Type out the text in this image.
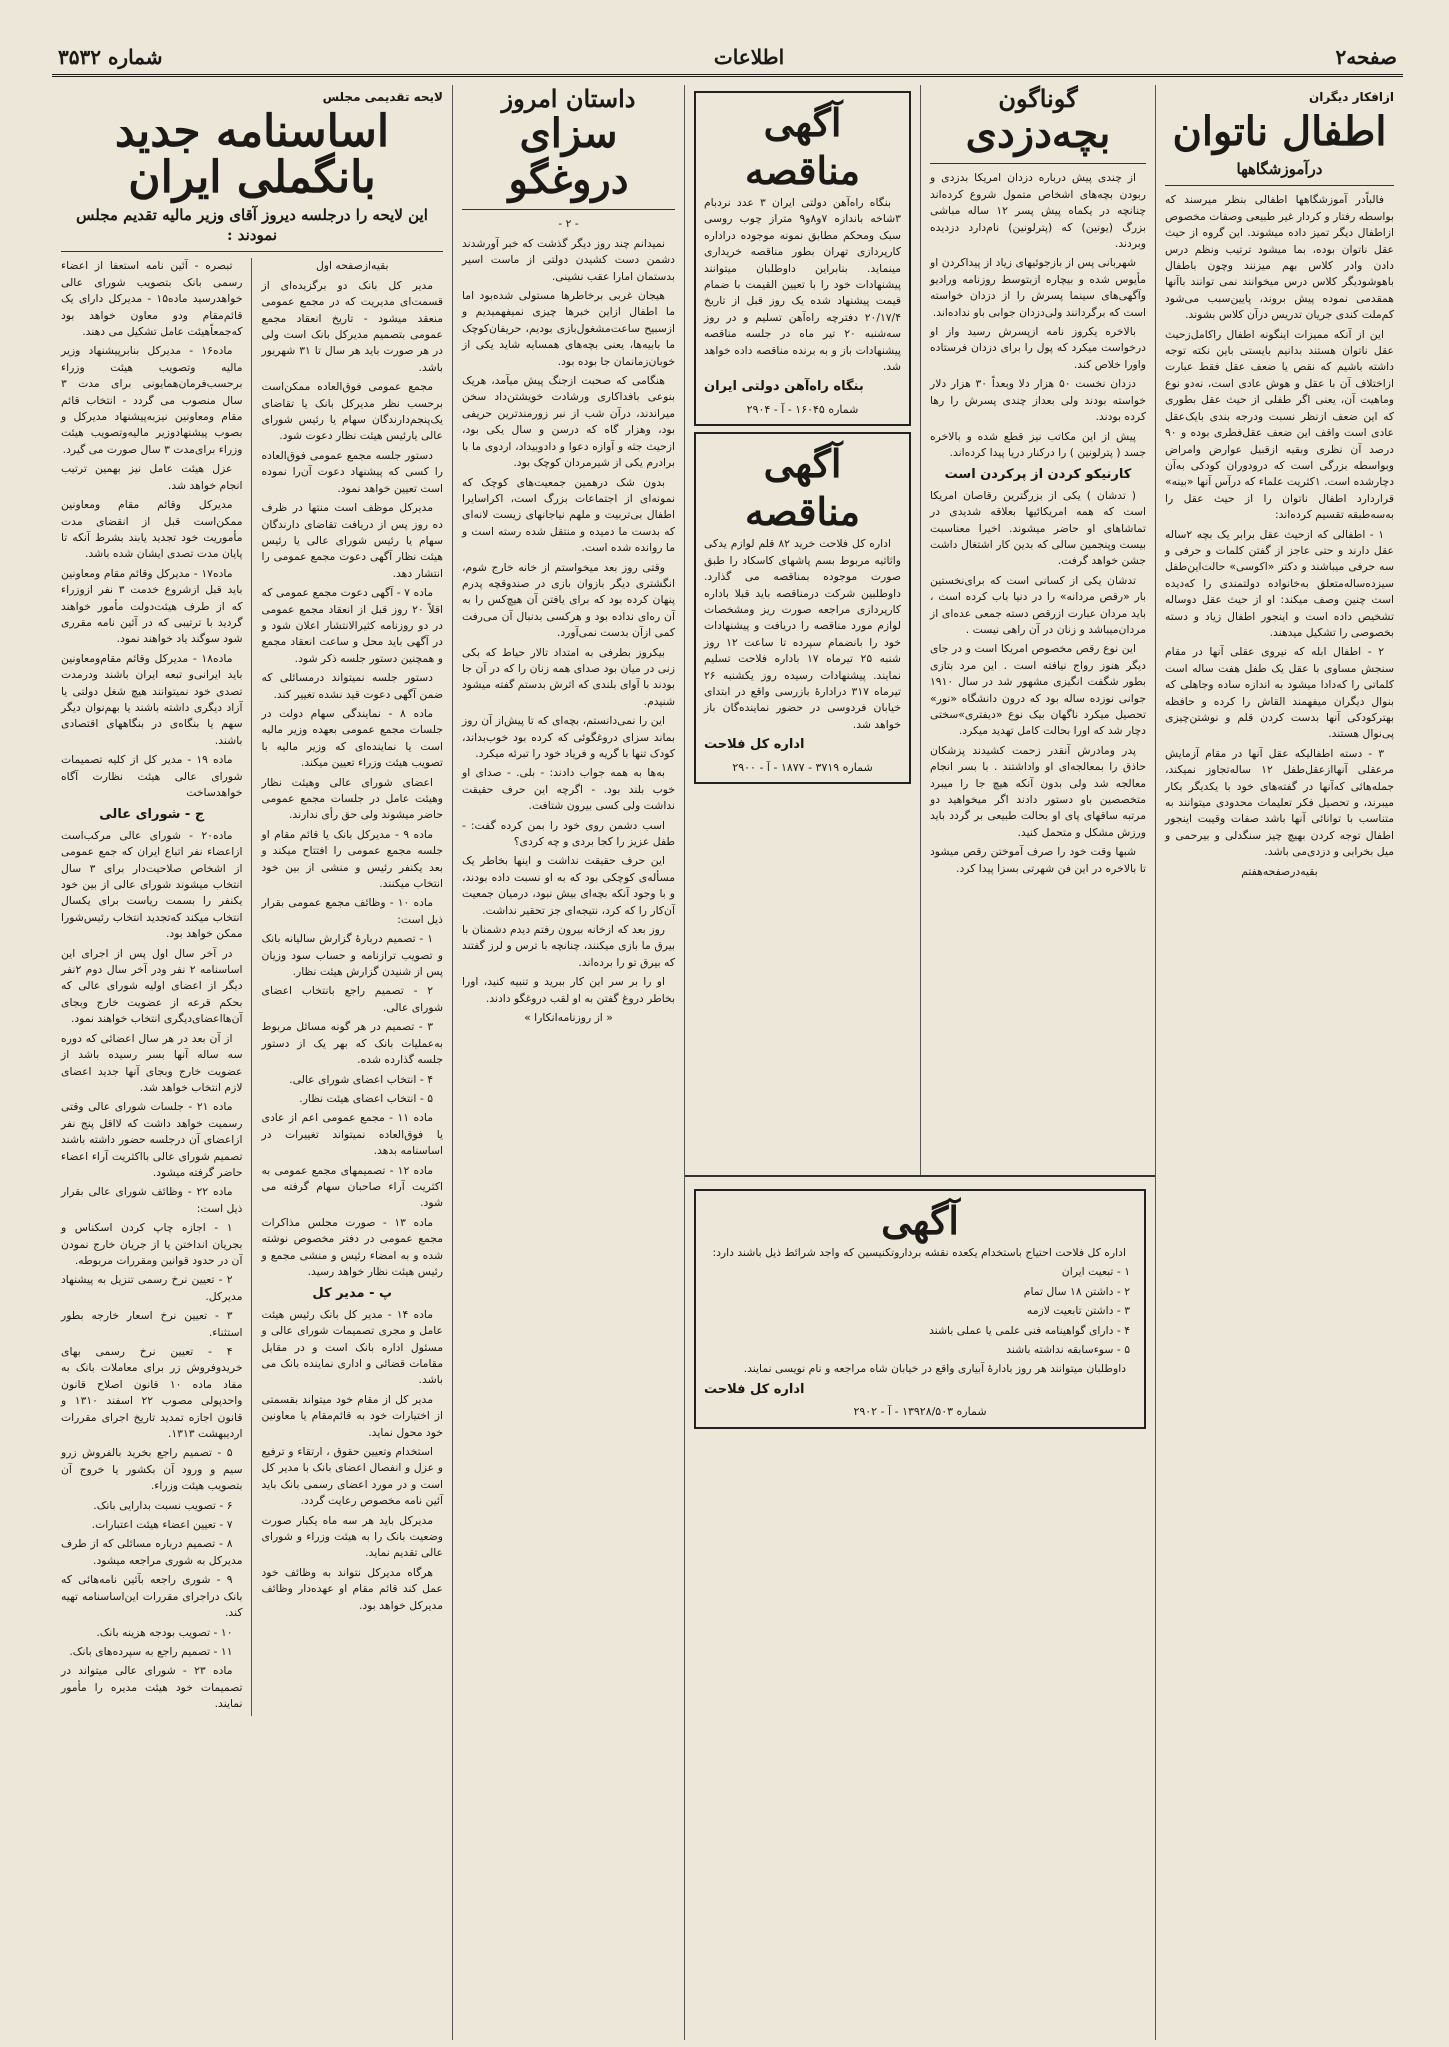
صفحه۲
اطلاعات
شماره ۳۵۳۲
ازافکار دیگران
اطفال ناتوان
درآموزشگاهها

فالباًدر آموزشگاهها اطفالی بنظر میرسند که بواسطه رفتار و کردار غیر طبیعی وصفات مخصوص ازاطفال دیگر تمیز داده میشوند. این گروه از حیث عقل ناتوان بوده، بما میشود ترتیب ونظم درس دادن وادر کلاس بهم میزنند وچون باطفال باهوشودیگر کلاس درس میخوانند نمی توانند باآنها همقدمی نموده پیش بروند، پایین‌سبب می‌شود کم‌ملت کندی جریان تدریس درآن کلاس بشوند.

این از آنکه ممیزات اینگونه اطفال راکامل‌زحیث عقل ناتوان هستند بدانیم بایستی باین نکته توجه داشته باشیم که نقص یا ضعف عقل فقط عبارت ازاختلاف آن با عقل و هوش عادی است، نه‌دو نوع وماهیت آن، یعنی اگر طفلی از حیث عقل بطوری که این ضعف ازنظر نسبت ودرجه بندی بایک‌عقل عادی است واقف این ضعف عقل‌فطری بوده و ۹۰ درصد آن نظری وبقیه ازقبیل عوارض وامراض وبواسطه‌ بزرگی است که‌ درودوران کودکی به‌آن دچارشده است. ۱کثریت علماء که درآس آنها «بینه» قراردارد اطفال ناتوان را از حیث عقل را به‌سه‌طبقه تقسیم کرده‌اند:

۱ - اطفالی که ازحیث عقل برابر یک بچه ۲ساله عقل دارند و حتی عاجز از گفتن کلمات و حرفی و سه حرفی میباشند و دکتر «اکوسی» حالت‌این‌طفل سیزده‌ساله‌متعلق به‌خانواده دولتمندی را که‌دیده است چنین وصف میکند: او از حیث عقل دوساله تشخیص داده است و اینجور اطفال زیاد و دسته بخصوصی را تشکیل میدهند.

۲ - اطفال ابله که نیروی عقلی آنها در مقام سنجش مساوی با عقل یک طفل هفت ساله است کلماتی را که‌دادا میشود به‌ اندازه ساده وجاهلی که بنوال دیگران میفهمند القاش را کرده و حافظه بهترکودکی آنها بدست کردن قلم و نوشتن‌چیزی پی‌نوال هستند.

۳ - دسته اطفالیکه عقل آنها در مقام آزمایش مرعقلی آنهاازعقل‌طفل ۱۲ ساله‌تجاوز نمیکند، جمله‌هائی که‌آنها در گفته‌های خود با یکدیگر بکار میبرند، و تحصیل فکر تعلیمات محدودی میتوانند به‌ متناسب با توانائی آنها باشد صفات وقیبت اینجور اطفال توجه کردن بهیچ چیز سنگدلی و بیرحمی و میل بخرابی و دزدی‌می باشد.

بقیه‌درصفحه‌هفتم

گوناگون
بچه‌دزدی

از چندی پیش درباره دزدان امریکا بدزدی و ربودن بچه‌های اشخاص متمول شروع کرده‌اند چنانچه در یکماه پیش پسر ۱۲ ساله‌ مباشی بزرگ (یونین) که (پترلونین) نام‌دارد دزدیده وبردند.

شهربانی پس از بازجوئیهای زیاد از پیداکردن او مأیوس شده و بیچاره ازبتوسط روزنامه ورادیو وآگهی‌های سینما پسرش را از دزدان خواسته است که برگردانند ولی‌دزدان جوابی باو نداده‌اند.

بالاخره یکروز نامه ازپسرش رسید واز او درخواست میکرد که پول را برای دزدان فرستاده واورا خلاص کند.

دزدان نخست ۵۰ هزار دلا وبعداً ۳۰ هزار دلار خواسته بودند ولی بعداز چندی پسرش را رها کرده بودند.

پیش از این مکاتب‌ نیز قطع شده و بالاخره جسد ( پترلونین ) را درکنار دریا پیدا کرده‌اند.

کارنیکو کردن از پرکردن است

( تدشان ) یکی از بزرگترین رقاصان امریکا است که همه امریکائیها بعلاقه‌ شدیدی در تماشاهای او حاضر میشوند. اخیرا معناسبت بیست وپنجمین سالی که بدین کار اشتغال داشت جشن خواهد گرفت.

تدشان یکی از کسانی است که برای‌نخستین بار «رقص مردانه» را در دنیا باب کرده است ، باید مردان عبارت ازرقص دسته جمعی عده‌ای از مردان‌میباشد و زنان در آن راهی نیست .

این نوع رقص مخصوص امریکا است و در جای دیگر هنوز رواج نیافته است . این مرد بتازی بطور شگفت انگیزی مشهور شد در سال ۱۹۱۰ جوانی نوزده ساله بود که درون دانشگاه «نور» تحصیل میکرد ناگهان بیک نوع «دیفتری»سختی دچار شد که اورا بحالت کامل تهدید میکرد.

پدر ومادرش آنقدر زحمت کشیدند پزشکان حاذق را بمعالجه‌ای او واداشتند . با بسر انجام معالجه شد ولی بدون آنکه هیچ جا را میبرد متخصصین باو دستور دادند اگر میخواهید دو مرتبه ساقهای پای او بحالت طبیعی بر گردد باید ورزش مشکل و متحمل کنید.

شبها وقت خود را صرف آموختن رقص میشود تا بالاخره در این فن شهرتی بسزا پیدا کرد.

آگهی مناقصه

بنگاه راه‌آهن دولتی ایران ۳ عدد نردبام ۳شاخه باندازه ۷و۸و۹ متراز چوب روسی سبک ومحکم مطابق نمونه موجوده دراداره‌ کارپردازی تهران بطور مناقصه خریداری مینماید. بنابراین داوطلبان میتوانند پیشنهادات خود را با تعیین القیمت با ضمام قیمت پیشنهاد شده یک روز قبل از تاریخ ۲۰/۱۷/۴ دفترچه راه‌آهن تسلیم و در روز سه‌شنبه ۲۰ تیر ماه در جلسه مناقصه پیشنهادات باز و به ‌برنده مناقصه داده خواهد شد.

بنگاه راه‌آهن دولتی ایران
شماره ۱۶۰۴۵ - آ - ۲۹۰۴
آگهی مناقصه

اداره کل فلاحت خرید ۸۲ قلم لوازم یدکی واثاثیه مربوط بسم پاشهای کاسکاد را طبق صورت موجوده بمناقصه می گذارد. داوطلبین شرکت درمناقصه باید قبلا باداره کارپردازی مراجعه صورت ریز ومشخصات لوازم مورد مناقصه را دریافت و پیشنهادات خود را بانضمام سپرده تا ساعت ۱۲ روز شنبه ۲۵ تیرماه ۱۷ باداره فلاحت تسلیم نمایند. پیشنهادات رسیده روز یکشنبه ۲۶ تیرماه ۳۱۷ درادارهٔ بازرسی واقع در ابتدای خیابان فردوسی در حضور نماینده‌گان باز خواهد شد.

اداره کل فلاحت
شماره ۳۷۱۹ - ۱۸۷۷ - آ - ۲۹۰۰
آگهی

اداره کل فلاحت احتیاج باستخدام یکعده نقشه برداروتکنیسین که واجد شرائط ذیل باشند دارد:

۱ - تبعیت ایران

۲ - داشتن ۱۸ سال تمام

۳ - داشتن تابعیت لازمه

۴ - دارای گواهینامه فنی علمی یا عملی باشند

۵ - سوءسابقه نداشته باشند

داوطلبان میتوانند هر روز بادارهٔ آبیاری واقع در خیابان شاه مراجعه و نام نویسی نمایند.

اداره کل فلاحت
شماره ۱۳۹۲۸/۵۰۳ - آ - ۲۹۰۲
داستان امروز
سزای دروغگو

- ۲ -

نمیدانم چند روز دیگر گذشت که خبر آورشدند دشمن دست کشیدن دولتی از ماست اسیر بدستمان امارا عقب نشینی.

هیجان غربی برخاطرها مستولی شده‌بود اما ما اطفال ازاین خبرها چیزی نمیفهمیدیم و ازسبیح ساعت‌مشغول‌بازی بودیم، حریفان‌کوچک ما بابیه‌ها، یعنی بچه‌های همسایه شاید یکی از خوبان‌زمانمان جا بوده بود.

هنگامی که صحبت ازجنگ پیش میآمد، هریک بنوعی بافداکاری ورشادت خویشتن‌داد سخن میراندند، درآن شب از نبر زورمندترین حریفی بود، وهزار گاه که درسن و سال یکی بود، ازحیث جثه و آوازه دعوا و داد‌وبیداد، اردوی ما با برادرم یکی از شیرمردان کوچک بود.

بدون شک درهمین جمعیت‌های کوچک که نمونه‌ای از اجتماعات بزرگ است، اکراسایرا اطفال بی‌تربیت و ملهم نیاجانهای زیست لانه‌ای که بدست ما دمیده و منتقل شده رسته است و ما روانده شده است.

وقتی روز بعد میخواستم از خانه خارج شوم، انگشتری دیگر بازوان بازی در صندوقچه پدرم پنهان کرده بود که برای یافتن آن هیچ‌کس را به‌ آن ره‌ای نداده بود و هرکسی بدنبال آن می‌رفت کمی ازآن بدست نمی‌آورد.

بیکروز بطرفی به‌ امتداد تالار حیاط که بکی زنی در میان بود صدای همه زنان را که در آن جا بودند با آوای بلندی که اثرش بدستم گفته میشود شنیدم.

این را نمی‌دانستم، بچه‌ای که تا پیش‌از آن روز بماند سزای دروغگوئی که کرده بود خوب‌بداند، کودک تنها با گریه و فریاد خود را تبرئه میکرد.

به‌ها به همه جواب دادند: - بلی. - صدای او خوب بلند بود. - اگرچه این حرف حقیقت نداشت ولی کسی بیرون شتافت.

اسب دشمن روی خود را بمن کرده گفت: - طفل عزیز را کجا بردی و چه کردی؟

این حرف حقیقت نداشت و اینها بخاطر یک مسأله‌ی کوچکی بود که به‌ او نسبت داده بودند، و با وجود آنکه بچه‌ای بیش نبود، درمیان جمعیت آن‌کار را که کرد، نتیجه‌ای جز تحقیر نداشت.

روز بعد که ازخانه بیرون رفتم دیدم دشمنان با بیرق ما بازی میکنند، چنانچه با ترس و لرز گفتند که بیرق تو را برده‌اند.

او را بر سر این کار ببرید و تنبیه کنید، اورا بخاطر دروغ گفتن به‌ او لقب دروغگو دادند.

« از روزنامه‌انکارا »

لایحه تقدیمی مجلس
اساسنامه جدید بانگملی ایران
این لایحه را درجلسه دیروز آقای وزیر مالیه تقدیم مجلس نمودند :

بقیه‌ازصفحه اول

مدیر کل بانک دو برگزیده‌ای از قسمت‌ای مدیریت که در مجمع عمومی منعقد میشود - تاریخ انعقاد مجمع عمومی بتصمیم مدیرکل بانک است ولی در هر صورت باید هر سال تا ۳۱ شهریور باشد.

مجمع عمومی فوق‌العاده ممکن‌است برحسب نظر مدیرکل بانک یا تقاضای یک‌پنجم‌دارندگان سهام یا رئیس شورای عالی یا‌رئیس هیئت نظار دعوت شود.

دستور جلسه مجمع عمومی فوق‌العاده را کسی که پیشنهاد دعوت آن‌را نموده است تعیین خواهد نمود.

مدیرکل موظف است منتها در ظرف ده روز پس از دریافت تقاضای دارندگان سهام یا رئیس شورای عالی یا رئیس هیئت نظار آگهی دعوت مجمع عمومی را انتشار دهد.

ماده ۷ - آگهی دعوت مجمع عمومی که اقلاً ۲۰ روز قبل از انعقاد مجمع عمومی در دو روزنامه کثیرالانتشار اعلان شود و در آگهی باید محل و ساعت انعقاد مجمع و همچنین دستور جلسه ذکر شود.

دستور جلسه نمیتواند درمسائلی که ضمن آگهی دعوت قید نشده تغییر کند.

ماده ۸ - نمایندگی سهام دولت در جلسات مجمع عمومی بعهده وزیر مالیه است یا نماینده‌ای که وزیر مالیه با تصویب هیئت وزراء تعیین میکند.

اعضای شورای عالی وهیئت نظار وهیئت عامل در جلسات مجمع عمومی حاضر میشوند ولی حق رأی ندارند.

ماده ۹ - مدیرکل بانک یا قائم مقام او جلسه مجمع عمومی را افتتاح میکند و بعد یکنفر رئیس و منشی از بین خود انتخاب میکنند.

ماده ۱۰ - وظائف مجمع عمومی بقرار ذیل است:

۱ - تصمیم دربارهٔ گزارش سالیانه بانک و تصویب ترازنامه و حساب سود وزیان پس از شنیدن گزارش هیئت نظار.

۲ - تصمیم راجع بانتخاب اعضای شورای عالی.

۳ - تصمیم در هر گونه مسائل مربوط به‌عملیات بانک که بهر یک از دستور جلسه گذارده شده.

۴ - انتخاب اعضای شورای عالی.

۵ - انتخاب اعضای هیئت نظار.

ماده ۱۱ - مجمع عمومی اعم از عادی یا فوق‌العاده نمیتواند تغییرات در اساسنامه بدهد.

ماده ۱۲ - تصمیمهای مجمع عمومی به اکثریت آراء صاحبان سهام گرفته می شود.

ماده ۱۳ - صورت مجلس مذاکرات مجمع عمومی در دفتر مخصوص نوشته شده و به امضاء رئیس و منشی مجمع و رئیس هیئت نظار خواهد رسید.

پ - مدیر کل

ماده ۱۴ - مدیر کل بانک‌ رئیس هیئت عامل و مجری تصمیمات شورای عالی و مسئول اداره بانک است و در مقابل مقامات‌ قضائی و اداری نماینده بانک می باشد.

مدیر کل از مقام خود میتواند بقسمتی از اختیارات خود به قائم‌مقام یا معاونین خود محول نماید.

استخدام وتعیین حقوق ، ارتقاء و ترفیع و عزل و انفصال اعضای بانک با مدیر کل است و در مورد اعضای رسمی بانک باید آئین نامه مخصوص رعایت گردد.

مدیرکل باید هر سه ماه یکبار صورت وضعیت بانک را به هیئت وزراء و شورای عالی تقدیم نماید.

هرگاه مدیرکل نتواند به وظائف خود عمل کند قائم مقام او عهده‌دار وظائف مدیرکل خواهد بود.

تبصره - آئین نامه استعفا از اعضاء رسمی بانک بتصویب شورای عالی خواهدرسید ماده۱۵ - مدیرکل دارای یک قائم‌مقام ودو معاون خواهد بود که‌جمعاًهیئت عامل تشکیل می دهند.

ماده۱۶ - مدیرکل بنابرپیشنهاد وزیر مالیه وتصویب هیئت وزراء برحسب‌فرمان‌همایونی برای مدت ۳ سال منصوب می گردد - انتخاب قائم مقام ومعاونین نیزبه‌پیشنهاد مدیرکل و بصوب پیشنهادوزیر مالیه‌وتصویب هیئت وزراء برای‌مدت ۳ سال صورت می گیرد.

عزل هیئت عامل نیز بهمین ترتیب انجام خواهد شد.

مدیرکل وقائم مقام ومعاونین ممکن‌است قبل از انقضای مدت مأموریت خود تجدید یابند بشرط آنکه تا پایان مدت تصدی ایشان شده باشد.

ماده۱۷ - مدیرکل وقائم مقام ومعاونین باید قبل ازشروع خدمت ۳ نفر ازوزراء که از طرف هیئت‌دولت مأمور خواهند گردید با ترتیبی که در آئین نامه مقرری شود سوگند یاد خواهند نمود.

ماده۱۸ - مدیرکل وقائم مقام‌ومعاونین باید ایرانی‌و تبعه ایران باشند ودرمدت تصدی خود نمیتوانند هیچ شغل دولتی یا آزاد دیگری داشته باشند یا بهم‌نوان‌ دیگر سهم یا بنگاه‌ی در بنگاههای اقتصادی باشند.

ماده ۱۹ - مدیر کل از کلیه تصمیمات شورای عالی هیئت نظارت آگاه خواهد‌ساخت

ج - شورای عالی

ماده۲۰ - شورای عالی مرکب‌است ازاعضاء نفر اتباع ایران که جمع عمومی از اشخاص صلاحیت‌دار برای ۳ سال انتخاب میشوند شورای عالی از بین خود یکنفر را بسمت ریاست برای یکسال انتخاب میکند که‌تجدید انتخاب رئیس‌شورا ممکن خواهد بود.

در آخر سال اول پس از اجرای این اساسنامه ۲ نفر ودر آخر سال دوم ۲نفر دیگر از اعضای اولیه شورای عالی که بحکم قرعه از عضویت خارج وبجای آن‌ها‌اعضای‌دیگری انتخاب خواهند نمود.

از آن بعد در هر سال اعضائی که دوره سه ساله آنها بسر رسیده باشد از عضویت خارج وبجای آنها جدید اعضای لازم انتخاب خواهد شد.

ماده ۲۱ - جلسات شورای عالی وقتی رسمیت خواهد داشت که لااقل پنج نفر ازاعضای آن درجلسه حضور داشته باشند تصمیم شورای عالی بااکثریت آراء اعضاء حاضر گرفته میشود.

ماده ۲۲ - وظائف شورای عالی بقرار ذیل است:

۱ - اجازه چاپ کردن اسکناس و بجریان انداختن یا از جریان خارج نمودن آن در حدود قوانین ومقررات مربوطه.

۲ - تعیین نرخ رسمی تنزیل به پیشنهاد مدیرکل.

۳ - تعیین نرخ اسعار خارجه بطور استثناء.

۴ - تعیین نرخ رسمی بهای خریدوفروش زر برای معاملات بانک به‌ مفاد ماده ۱۰ قانون اصلاح قانون واحدپولی مصوب ۲۲ اسفند ۱۳۱۰ و قانون اجازه تمدید تاریخ اجرای مقررات اردیبهشت ۱۳۱۳.

۵ - تصمیم راجع بخرید بالفروش زرو سیم و ورود آن بکشور یا خروج آن بتصویب هیئت وزراء.

۶ - تصویب نسبت بدارایی بانک.

۷ - تعیین اعضاء هیئت اعتبارات.

۸ - تصمیم درباره مسائلی که از طرف مدیرکل به شوری مراجعه میشود.

۹ - شوری‌ راجعه بآئین نامه‌هائی که بانک در‌اجرای مقررات این‌اساسنامه تهیه کند.

۱۰ - تصویب بودجه هزینه بانک.

۱۱ - تصمیم راجع به سپرده‌های بانک.

ماده ۲۳ - شورای عالی میتواند در تصمیمات خود هیئت مدیره را‌ مأمور نمایند.
